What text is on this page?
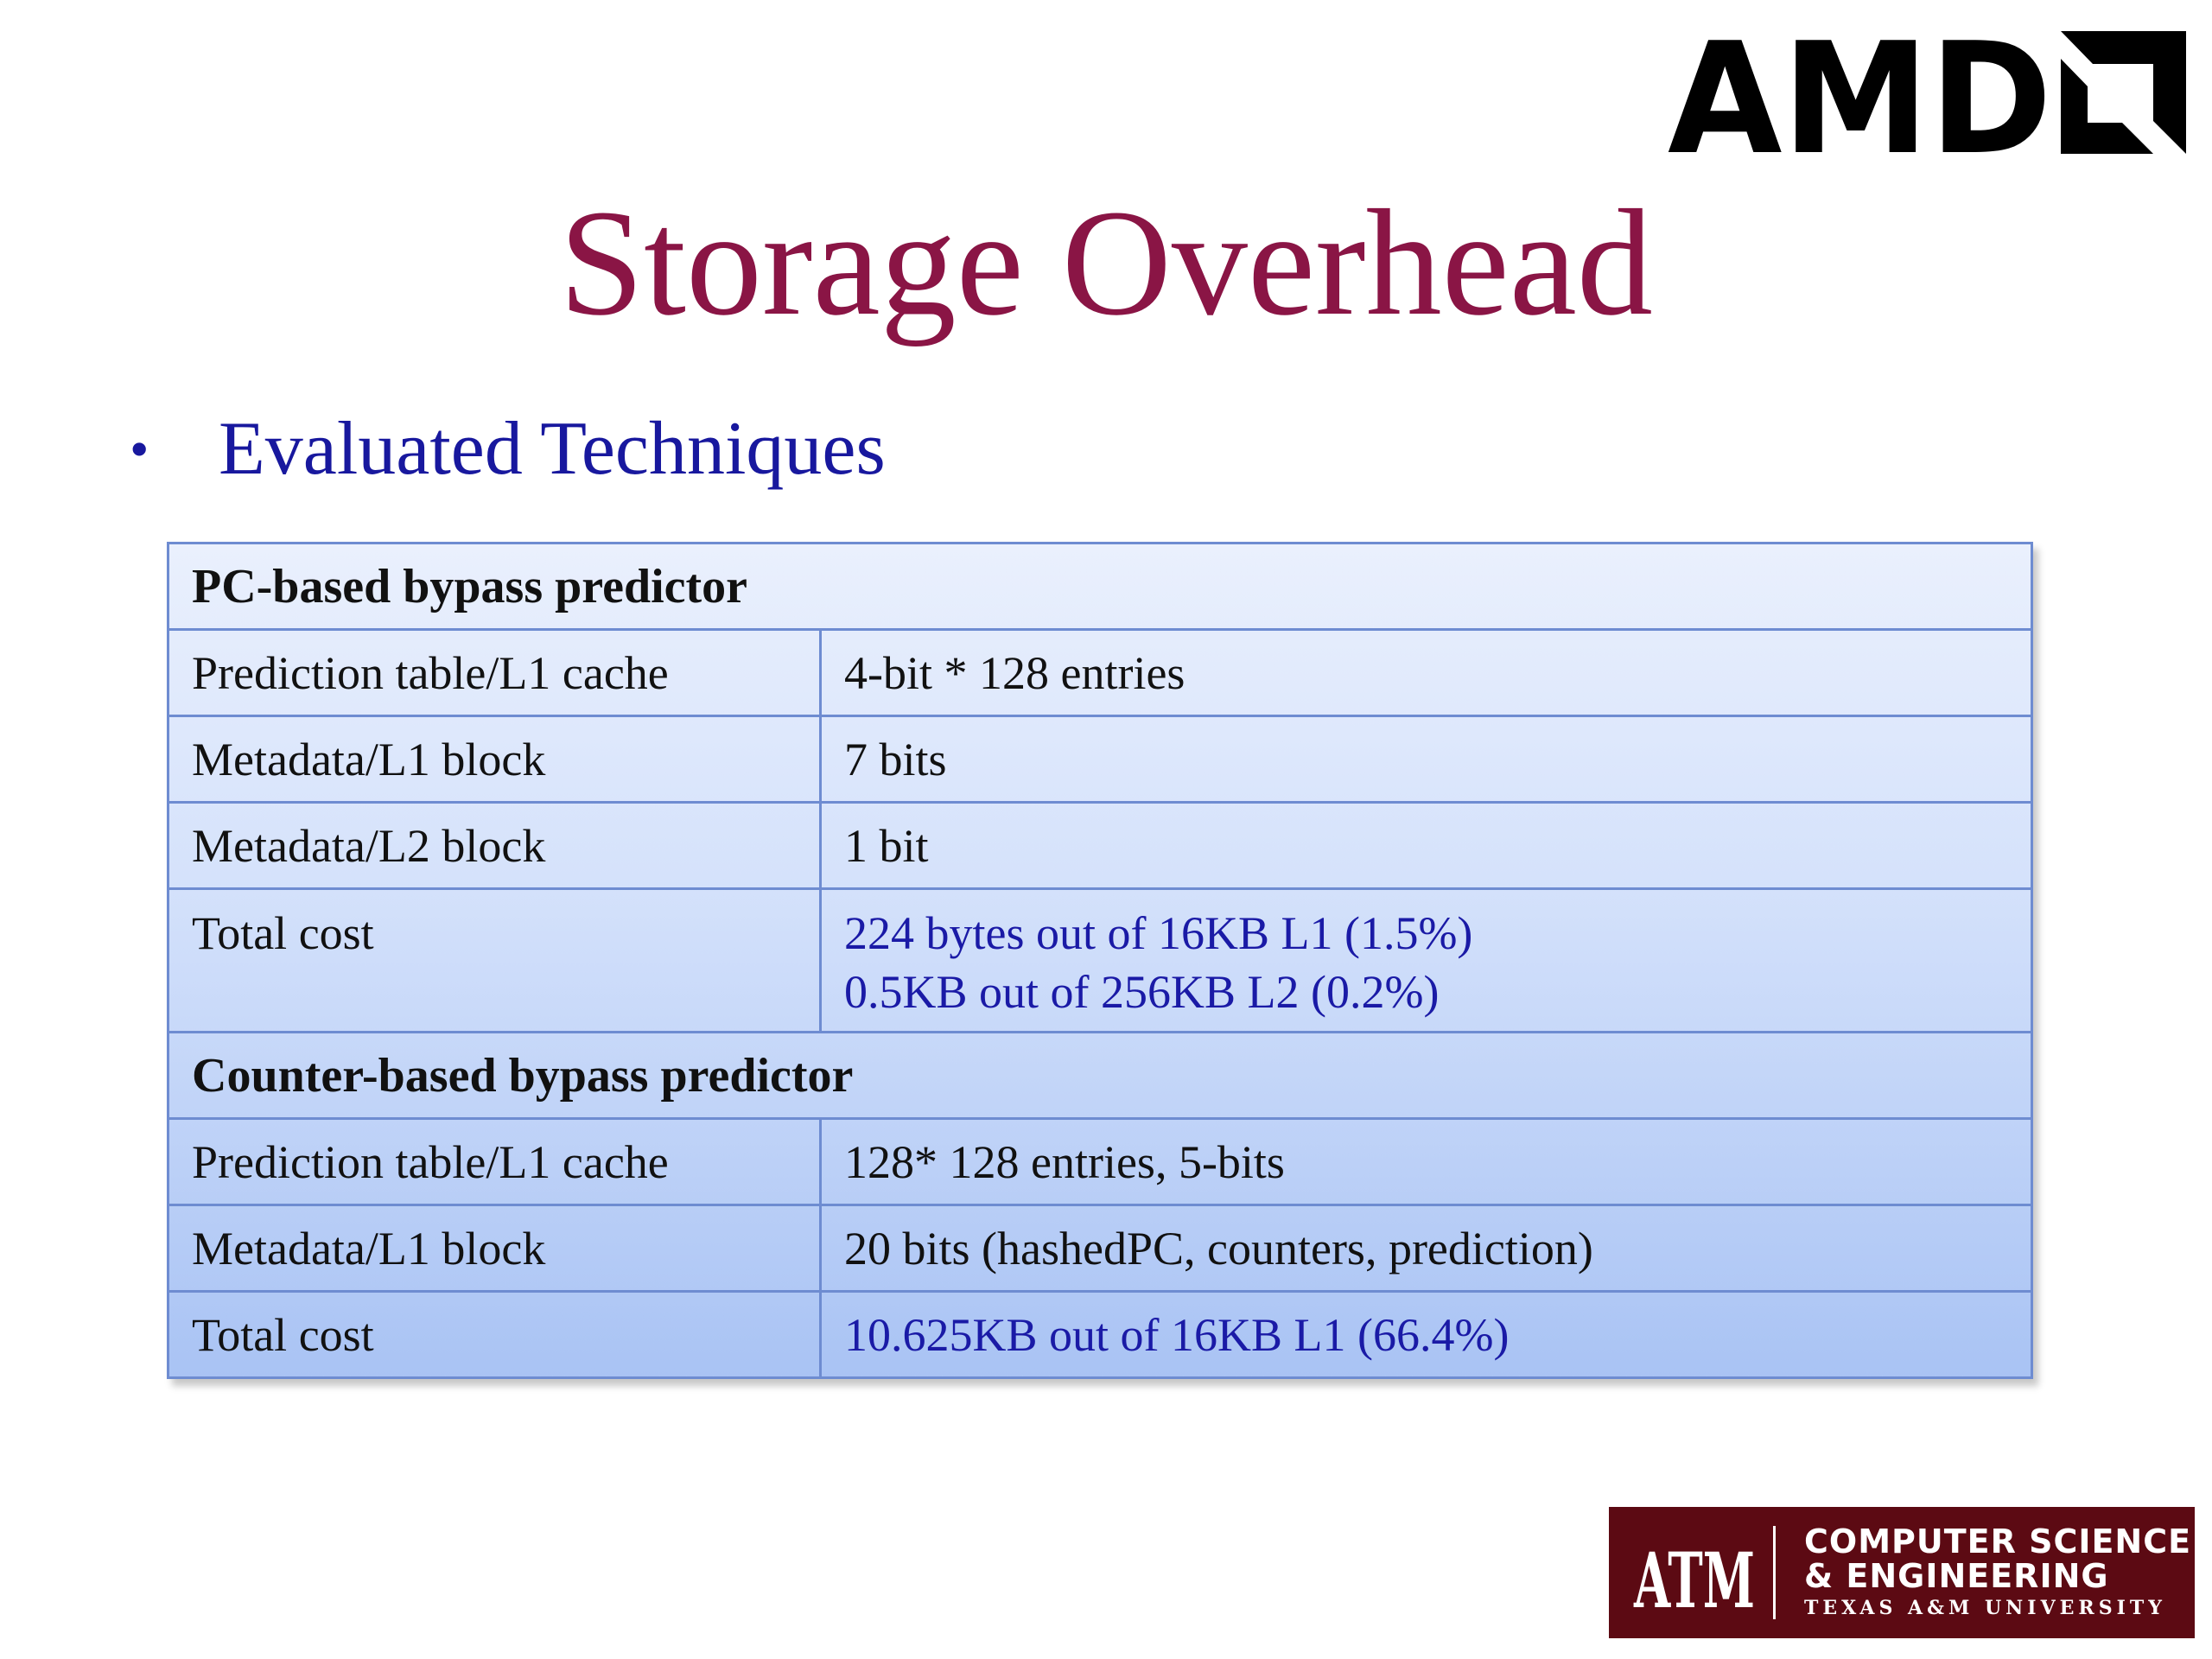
AMD
Storage Overhead
• Evaluated Techniques
PC-based bypass predictor	
Prediction table/L1 cache	4-bit * 128 entries
Metadata/L1 block	7 bits
Metadata/L2 block	1 bit

Total cost	224 bytes out of 16KB L1 (1.5%)
0.5KB out of 256KB L2 (0.2%)

Counter-based bypass predictor	
Prediction table/L1 cache	128* 128 entries, 5-bits
Metadata/L1 block	20 bits (hashedPC, counters, prediction)
Total cost	10.625KB out of 16KB L1 (66.4%)
ATM COMPUTER SCIENCE
& ENGINEERING
TEXAS A&M UNIVERSITY
